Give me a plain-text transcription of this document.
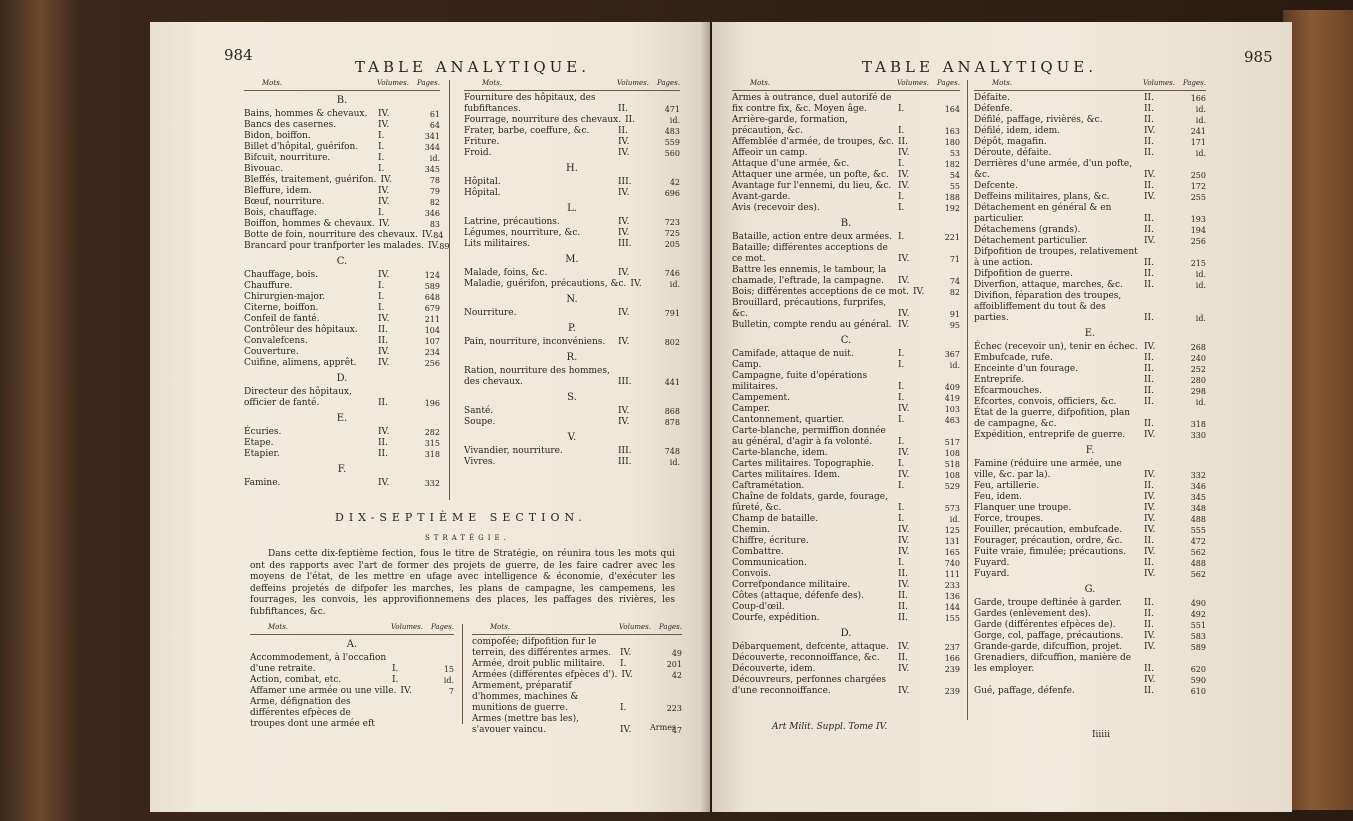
984
TABLE ANALYTIQUE.
Mots.	Volumes.	Pages.
B.
Bains, hommes & chevaux.	IV.	61
Bancs des casernes.	IV.	64
Bidon, boiffon.	I.	341
Billet d'hôpital, guérifon.	I.	344
Bifcuit, nourriture.	I.	id.
Bivouac.	I.	345
Bleffés, traitement, guérifon. IV.	78
Bleffure, idem.	IV.	79
Bœuf, nourriture.	IV.	82
Bois, chauffage.	I.	346
Boiffon, hommes & chevaux. IV.	83
Botte de foin, nourriture des chevaux. IV. 84
Brancard pour tranfporter les malades. IV. 89
C.
Chauffage, bois.	IV.	124
Chauffure.	I.	589
Chirurgien-major.	I.	648
Citerne, boiffon.	I.	679
Confeil de fanté.	IV.	211
Contrôleur des hôpitaux.	II.	104
Convalefcens.	II.	107
Couverture.	IV.	234
Cuifine, alimens, apprêt.	IV.	256
D.
Directeur des hôpitaux, officier de fanté.	II.	196
E.
Écuries.	IV.	282
Etape.	II.	315
Etapier.	II.	318
F.
Famine.	IV.	332
Mots.	Volumes.	Pages.
Fourniture des hôpitaux, des fubfiftances.	II.	471
Fourrage, nourriture des chevaux. II.	id.
Frater, barbe, coeffure, &c.	II.	483
Friture.	IV.	559
Froid.	IV.	560
H.
Hôpital.	III.	42
Hôpital.	IV.	696
L.
Latrine, précautions.	IV.	723
Légumes, nourriture, &c.	IV.	725
Lits militaires.	III.	205
M.
Malade, foins, &c.	IV.	746
Maladie, guérifon, précautions, &c. IV.	id.
N.
Nourriture.	IV.	791
P.
Pain, nourriture, inconvéniens.	IV.	802
R.
Ration, nourriture des hommes, des chevaux.	III.	441
S.
Santé.	IV.	868
Soupe.	IV.	878
V.
Vivandier, nourriture.	III.	748
Vivres.	III.	id.
DIX-SEPTIÈME SECTION.
STRATÉGIE.
Dans cette dix-feptième fection, fous le titre de Stratégie, on réunira tous les mots qui ont des rapports avec l'art de former des projets de guerre, de les faire cadrer avec les moyens de l'état, de les mettre en ufage avec intelligence & économie, d'exécuter les deffeins projetés de difpofer les marches, les plans de campagne, les campemens, les fourrages, les convois, les approvifionnemens des places, les paffages des rivières, les fubfiftances, &c.
Mots.	Volumes.	Pages.
A.
Accommodement, à l'occafion d'une retraite.	I.	15
Action, combat, etc.	I.	id.
Affamer une armée ou une ville. IV.	7
Arme, défignation des différentes efpèces de troupes dont une armée eft
Mots.	Volumes.	Pages.
compofée; difpofition fur le terrein, des différentes armes. IV.	49
Armée, droit public militaire.	I.	201
Armées (différentes efpèces d'). IV.	42
Armement, préparatif d'hommes, machines & munitions de guerre.	I.	223
Armes (mettre bas les), s'avouer vaincu.	IV.	47
Armes
TABLE ANALYTIQUE.
985
Mots.	Volumes.	Pages.
Armes à outrance, duel autorifé de fix contre fix, &c. Moyen âge.	I.	164
Arrière-garde, formation, précaution, &c.	I.	163
Affemblée d'armée, de troupes, &c. II.	180
Affeoir un camp.	IV.	53
Attaque d'une armée, &c.	I.	182
Attaquer une armée, un pofte, &c.	IV.	54
Avantage fur l'ennemi, du lieu, &c. IV.	55
Avant-garde.	I.	188
Avis (recevoir des).	I.	192
B.
Bataille, action entre deux armées. I.	221
Bataille; différentes acceptions de ce mot.	IV.	71
Battre les ennemis, le tambour, la chamade, l'eftrade, la campagne.	IV.	74
Bois; différentes acceptions de ce mot. IV.	82
Brouillard, précautions, furprifes, &c.	IV.	91
Bulletin, compte rendu au général. IV.	95
C.
Camifade, attaque de nuit.	I.	367
Camp.	I.	id.
Campagne, fuite d'opérations militaires.	I.	409
Campement.	I.	419
Camper.	IV.	103
Cantonnement, quartier.	I.	463
Carte-blanche, permiffion donnée au général, d'agir à fa volonté.	I.	517
Carte-blanche, idem.	IV.	108
Cartes militaires. Topographie.	I.	518
Cartes militaires. Idem.	IV.	108
Caftramétation.	I.	529
Chaîne de foldats, garde, fourage, fûreté, &c.	I.	573
Champ de bataille.	I.	id.
Chemin.	IV.	125
Chiffre, écriture.	IV.	131
Combattre.	IV.	165
Communication.	I.	740
Convois.	II.	111
Correfpondance militaire.	IV.	233
Côtes (attaque, défenfe des).	II.	136
Coup-d'œil.	II.	144
Courfe, expédition.	II.	155
D.
Débarquement, defcente, attaque.	IV.	237
Découverte, reconnoiffance, &c.	II.	166
Découverte, idem.	IV.	239
Découvreurs, perfonnes chargées d'une reconnoiffance.	IV.	239
Mots.	Volumes.	Pages.
Défaite.	II.	166
Défenfe.	II.	id.
Défilé, paffage, rivières, &c.	II.	id.
Défilé, idem, idem.	IV.	241
Dépôt, magafin.	II.	171
Déroute, défaite.	II.	id.
Derrières d'une armée, d'un pofte, &c.	IV.	250
Defcente.	II.	172
Deffeins militaires, plans, &c.	IV.	255
Détachement en général & en particulier.	II.	193
Détachemens (grands).	II.	194
Détachement particulier.	IV.	256
Difpofition de troupes, relativement à une action.	II.	215
Difpofition de guerre.	II.	id.
Diverfion, attaque, marches, &c.	II.	id.
Divifion, féparation des troupes, affoibliffement du tout & des parties.	II.	id.
E.
Échec (recevoir un), tenir en échec. IV.	268
Embufcade, rufe.	II.	240
Enceinte d'un fourage.	II.	252
Entreprife.	II.	280
Efcarmouches.	II.	298
Efcortes, convois, officiers, &c.	II.	id.
État de la guerre, difpofition, plan de campagne, &c.	II.	318
Expédition, entreprife de guerre.	IV.	330
F.
Famine (réduire une armée, une ville, &c. par la).	IV.	332
Feu, artillerie.	II.	346
Feu, idem.	IV.	345
Flanquer une troupe.	IV.	348
Force, troupes.	IV.	488
Fouiller, précaution, embufcade.	IV.	555
Fourager, précaution, ordre, &c.	II.	472
Fuite vraie, fimulée; précautions.	IV.	562
Fuyard.	II.	488
Fuyard.	IV.	562
G.
Garde, troupe deftinée à garder.	II.	490
Gardes (enlèvement des).	II.	492
Garde (différentes efpèces de).	II.	551
Gorge, col, paffage, précautions.	IV.	583
Grande-garde, difcuffion, projet.	IV.	589
Grenadiers, difcuffion, manière de les employer.	II.	620
IV.	590
Gué, paffage, défenfe.	II.	610
Art Milit. Suppl. Tome IV.
Iiiiii
